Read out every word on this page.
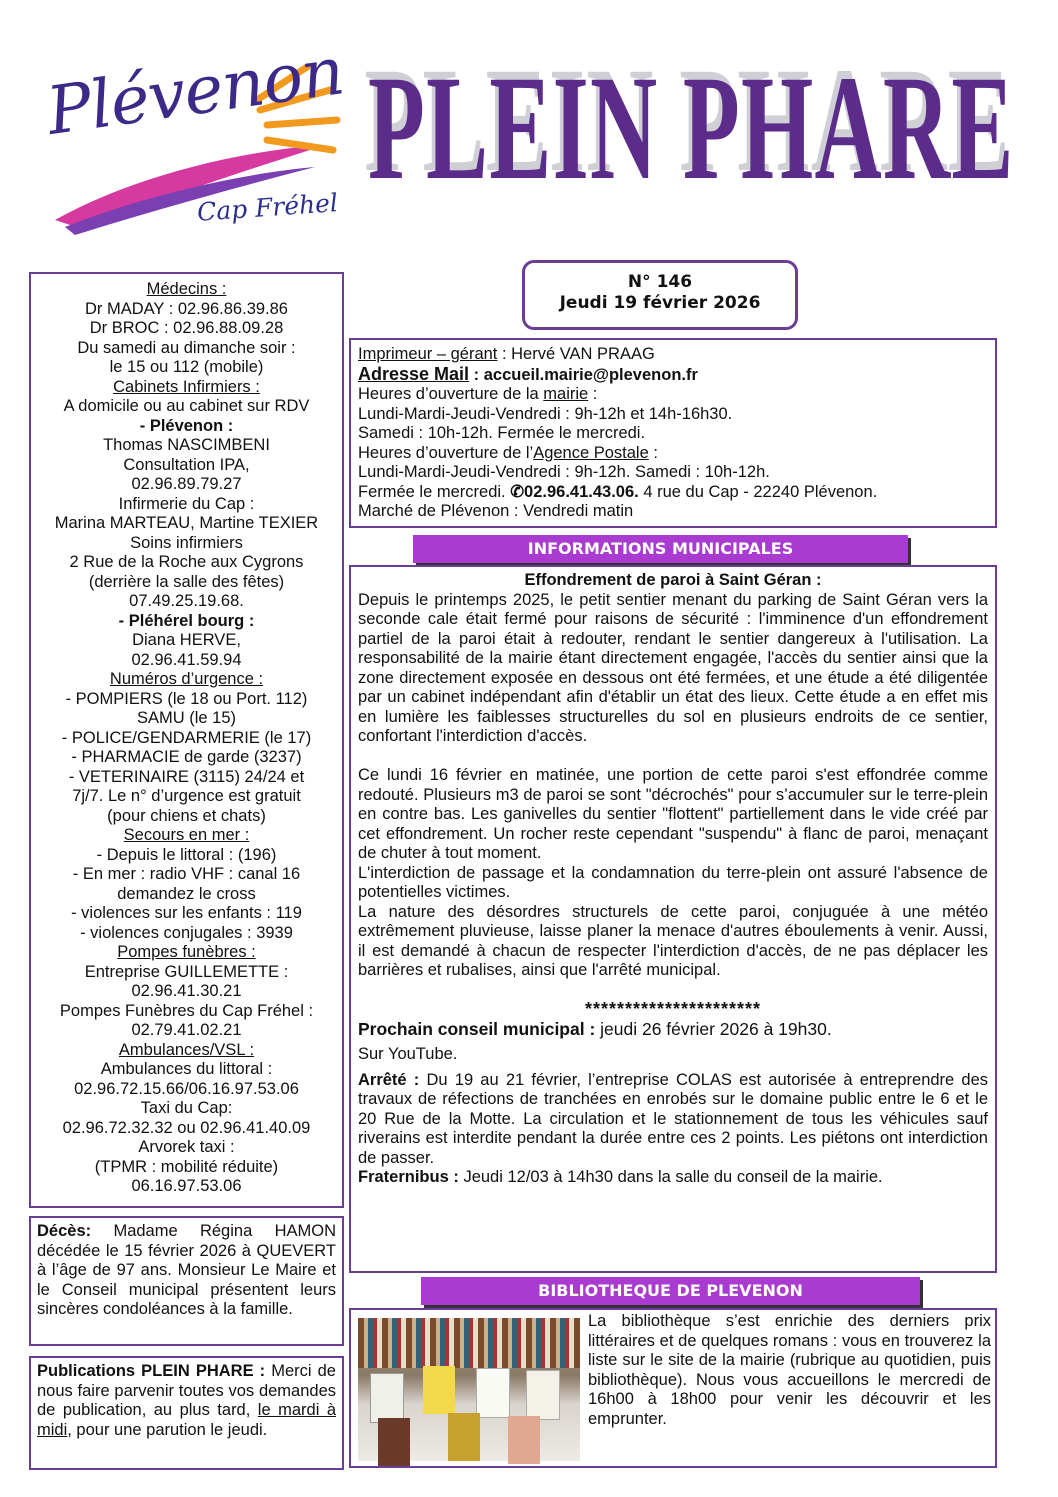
Plévenon
Cap Fréhel PLEIN PHARE
N° 146
Jeudi 19 février 2026
Médecins :
Dr MADAY : 02.96.86.39.86
Dr BROC : 02.96.88.09.28
Du samedi au dimanche soir :
le 15 ou 112 (mobile)
Cabinets Infirmiers :
A domicile ou au cabinet sur RDV
- Plévenon :
Thomas NASCIMBENI
Consultation IPA,
02.96.89.79.27
Infirmerie du Cap :
Marina MARTEAU, Martine TEXIER
Soins infirmiers
2 Rue de la Roche aux Cygrons
(derrière la salle des fêtes)
07.49.25.19.68.
- Pléhérel bourg :
Diana HERVE,
02.96.41.59.94
Numéros d’urgence :
- POMPIERS (le 18 ou Port. 112)
SAMU (le 15)
- POLICE/GENDARMERIE (le 17)
- PHARMACIE de garde (3237)
- VETERINAIRE (3115) 24/24 et
7j/7. Le n° d’urgence est gratuit
(pour chiens et chats)
Secours en mer :
- Depuis le littoral : (196)
- En mer : radio VHF : canal 16
demandez le cross
- violences sur les enfants : 119
- violences conjugales : 3939
Pompes funèbres :
Entreprise GUILLEMETTE :
02.96.41.30.21
Pompes Funèbres du Cap Fréhel :
02.79.41.02.21
Ambulances/VSL :
Ambulances du littoral :
02.96.72.15.66/06.16.97.53.06
Taxi du Cap:
02.96.72.32.32 ou 02.96.41.40.09
Arvorek taxi :
(TPMR : mobilité réduite)
06.16.97.53.06
Décès: Madame Régina HAMON décédée le 15 février 2026 à QUEVERT à l’âge de 97 ans. Monsieur Le Maire et le Conseil municipal présentent leurs sincères condoléances à la famille.
Publications PLEIN PHARE : Merci de nous faire parvenir toutes vos demandes de publication, au plus tard, le mardi à midi, pour une parution le jeudi.
Imprimeur – gérant : Hervé VAN PRAAG
Adresse Mail : accueil.mairie@plevenon.fr
Heures d’ouverture de la mairie :
Lundi-Mardi-Jeudi-Vendredi : 9h-12h et 14h-16h30.
Samedi : 10h-12h. Fermée le mercredi.
Heures d’ouverture de l’Agence Postale :
Lundi-Mardi-Jeudi-Vendredi : 9h-12h. Samedi : 10h-12h.
Fermée le mercredi. ✆02.96.41.43.06. 4 rue du Cap - 22240 Plévenon.
Marché de Plévenon : Vendredi matin
INFORMATIONS MUNICIPALES

Effondrement de paroi à Saint Géran :

Depuis le printemps 2025, le petit sentier menant du parking de Saint Géran vers la seconde cale était fermé pour raisons de sécurité : l'imminence d'un effondrement partiel de la paroi était à redouter, rendant le sentier dangereux à l'utilisation. La responsabilité de la mairie étant directement engagée, l'accès du sentier ainsi que la zone directement exposée en dessous ont été fermées, et une étude a été diligentée par un cabinet indépendant afin d'établir un état des lieux. Cette étude a en effet mis en lumière les faiblesses structurelles du sol en plusieurs endroits de ce sentier, confortant l'interdiction d'accès.

Ce lundi 16 février en matinée, une portion de cette paroi s'est effondrée comme redouté. Plusieurs m3 de paroi se sont "décrochés" pour s’accumuler sur le terre-plein en contre bas. Les ganivelles du sentier "flottent" partiellement dans le vide créé par cet effondrement. Un rocher reste cependant "suspendu" à flanc de paroi, menaçant de chuter à tout moment.

L'interdiction de passage et la condamnation du terre-plein ont assuré l'absence de potentielles victimes.

La nature des désordres structurels de cette paroi, conjuguée à une météo extrêmement pluvieuse, laisse planer la menace d'autres éboulements à venir. Aussi, il est demandé à chacun de respecter l'interdiction d'accès, de ne pas déplacer les barrières et rubalises, ainsi que l'arrêté municipal.

**********************

Prochain conseil municipal : jeudi 26 février 2026 à 19h30.

Sur YouTube.

Arrêté : Du 19 au 21 février, l’entreprise COLAS est autorisée à entreprendre des travaux de réfections de tranchées en enrobés sur le domaine public entre le 6 et le 20 Rue de la Motte. La circulation et le stationnement de tous les véhicules sauf riverains est interdite pendant la durée entre ces 2 points. Les piétons ont interdiction de passer.

Fraternibus : Jeudi 12/03 à 14h30 dans la salle du conseil de la mairie.

BIBLIOTHEQUE DE PLEVENON
La bibliothèque s’est enrichie des derniers prix littéraires et de quelques romans : vous en trouverez la liste sur le site de la mairie (rubrique au quotidien, puis bibliothèque). Nous vous accueillons le mercredi de 16h00 à 18h00 pour venir les découvrir et les emprunter.
